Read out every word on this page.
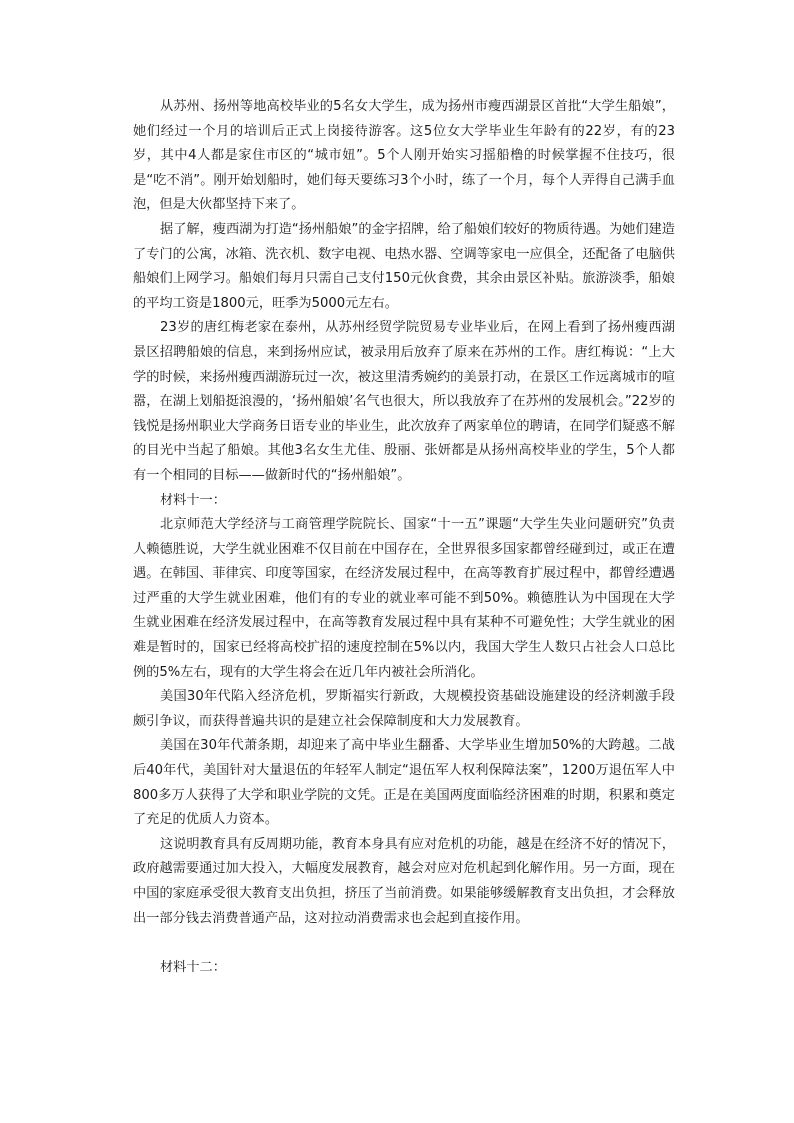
从苏州、扬州等地高校毕业的5名女大学生，成为扬州市瘦西湖景区首批“大学生船娘”，她们经过一个月的培训后正式上岗接待游客。这5位女大学毕业生年龄有的22岁，有的23岁，其中4人都是家住市区的“城市妞”。5个人刚开始实习摇船橹的时候掌握不住技巧，很是“吃不消”。刚开始划船时，她们每天要练习3个小时，练了一个月，每个人弄得自己满手血泡，但是大伙都坚持下来了。

据了解，瘦西湖为打造“扬州船娘”的金字招牌，给了船娘们较好的物质待遇。为她们建造了专门的公寓，冰箱、洗衣机、数字电视、电热水器、空调等家电一应俱全，还配备了电脑供船娘们上网学习。船娘们每月只需自己支付150元伙食费，其余由景区补贴。旅游淡季，船娘的平均工资是1800元，旺季为5000元左右。

23岁的唐红梅老家在泰州，从苏州经贸学院贸易专业毕业后，在网上看到了扬州瘦西湖景区招聘船娘的信息，来到扬州应试，被录用后放弃了原来在苏州的工作。唐红梅说：“上大学的时候，来扬州瘦西湖游玩过一次，被这里清秀婉约的美景打动，在景区工作远离城市的喧嚣，在湖上划船挺浪漫的，‘扬州船娘’名气也很大，所以我放弃了在苏州的发展机会。”22岁的钱悦是扬州职业大学商务日语专业的毕业生，此次放弃了两家单位的聘请，在同学们疑惑不解的目光中当起了船娘。其他3名女生尤佳、殷丽、张妍都是从扬州高校毕业的学生，5个人都有一个相同的目标——做新时代的“扬州船娘”。

材料十一：

北京师范大学经济与工商管理学院院长、国家“十一五”课题“大学生失业问题研究”负责人赖德胜说，大学生就业困难不仅目前在中国存在，全世界很多国家都曾经碰到过，或正在遭遇。在韩国、菲律宾、印度等国家，在经济发展过程中，在高等教育扩展过程中，都曾经遭遇过严重的大学生就业困难，他们有的专业的就业率可能不到50%。赖德胜认为中国现在大学生就业困难在经济发展过程中，在高等教育发展过程中具有某种不可避免性；大学生就业的困难是暂时的，国家已经将高校扩招的速度控制在5%以内，我国大学生人数只占社会人口总比例的5%左右，现有的大学生将会在近几年内被社会所消化。

美国30年代陷入经济危机，罗斯福实行新政，大规模投资基础设施建设的经济刺激手段颇引争议，而获得普遍共识的是建立社会保障制度和大力发展教育。

美国在30年代萧条期，却迎来了高中毕业生翻番、大学毕业生增加50%的大跨越。二战后40年代，美国针对大量退伍的年轻军人制定“退伍军人权利保障法案”，1200万退伍军人中800多万人获得了大学和职业学院的文凭。正是在美国两度面临经济困难的时期，积累和奠定了充足的优质人力资本。

这说明教育具有反周期功能，教育本身具有应对危机的功能，越是在经济不好的情况下，政府越需要通过加大投入，大幅度发展教育，越会对应对危机起到化解作用。另一方面，现在中国的家庭承受很大教育支出负担，挤压了当前消费。如果能够缓解教育支出负担，才会释放出一部分钱去消费普通产品，这对拉动消费需求也会起到直接作用。

材料十二：
